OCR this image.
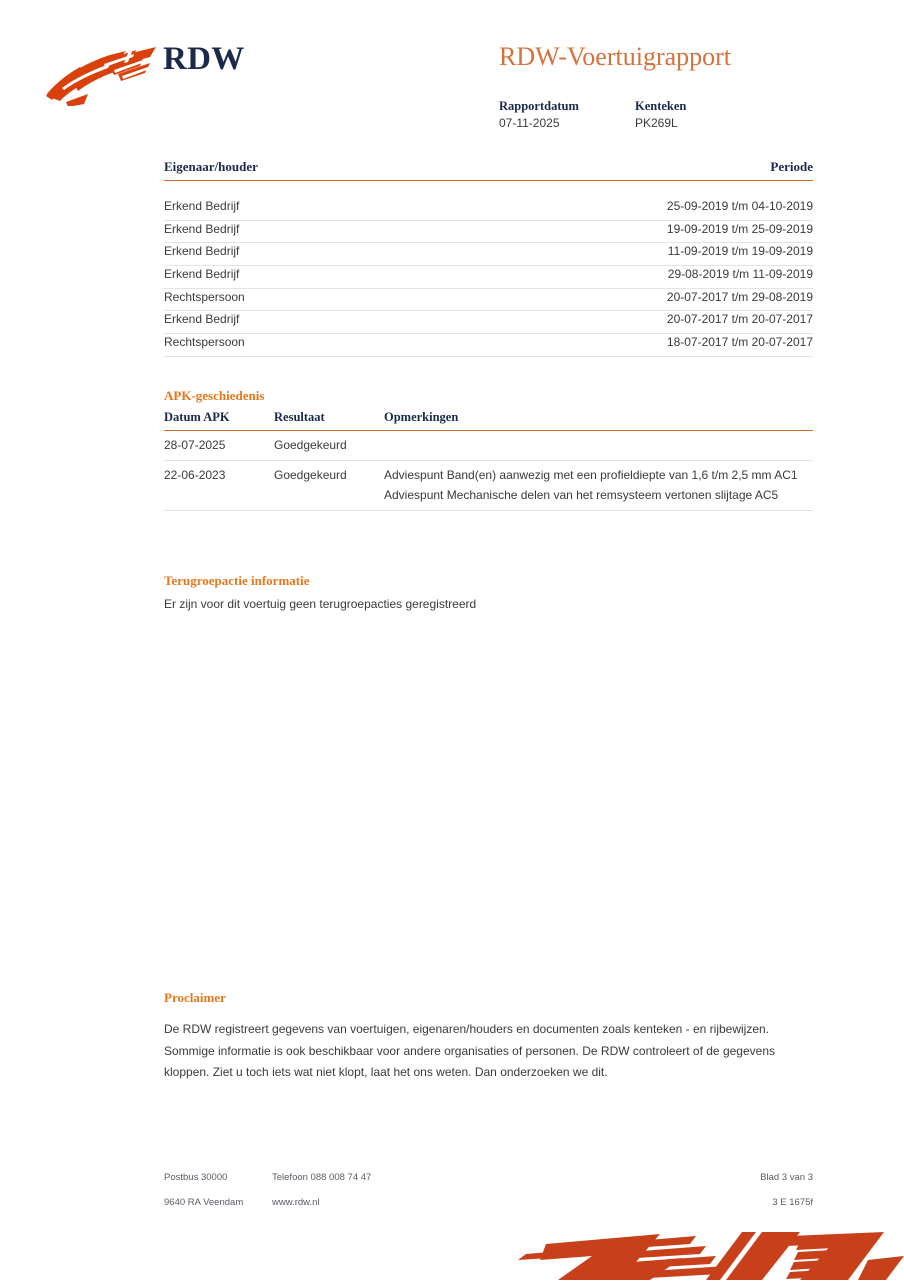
RDW	RDW-Voertuigrapport
Rapportdatum
07-11-2025
Kenteken
PK269L
Eigenaar/houder	Periode
Erkend Bedrijf	25-09-2019 t/m 04-10-2019
Erkend Bedrijf	19-09-2019 t/m 25-09-2019
Erkend Bedrijf	11-09-2019 t/m 19-09-2019
Erkend Bedrijf	29-08-2019 t/m 11-09-2019
Rechtspersoon	20-07-2017 t/m 29-08-2019
Erkend Bedrijf	20-07-2017 t/m 20-07-2017
Rechtspersoon	18-07-2017 t/m 20-07-2017
APK-geschiedenis
Datum APK	Resultaat	Opmerkingen
28-07-2025	Goedgekeurd	
22-06-2023	Goedgekeurd	Adviespunt Band(en) aanwezig met een profieldiepte van 1,6 t/m 2,5 mm AC1
Adviespunt Mechanische delen van het remsysteem vertonen slijtage AC5
Terugroepactie informatie
Er zijn voor dit voertuig geen terugroepacties geregistreerd
Proclaimer
De RDW registreert gegevens van voertuigen, eigenaren/houders en documenten zoals kenteken - en rijbewijzen. Sommige informatie is ook beschikbaar voor andere organisaties of personen. De RDW controleert of de gegevens kloppen. Ziet u toch iets wat niet klopt, laat het ons weten. Dan onderzoeken we dit.
Postbus 30000	Telefoon 088 008 74 47	Blad 3 van 3
9640 RA Veendam	www.rdw.nl	3 E 1675f
